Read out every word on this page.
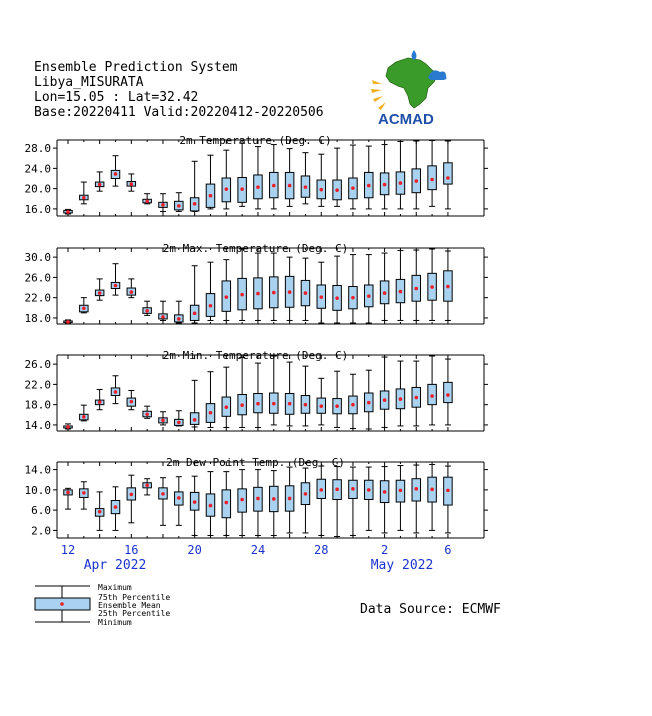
Ensemble Prediction System
Libya_MISURATA
Lon=15.05 : Lat=32.42
Base:20220411 Valid:20220412-20220506	ACMAD
16.0
20.0
24.0
28.0
2m Temperature (Deg. C)
18.0
22.0
26.0
30.0
2m Max. Temperature (Deg. C)
14.0
18.0
22.0
26.0
2m Min. Temperature (Deg. C)
2.0
6.0
10.0
14.0
2m Dew Point Temp. (Deg. C)
12	16	20	24	28	2	6
Apr 2022	May 2022
Maximum
75th Percentile
Ensemble Mean
25th Percentile
Minimum
Data Source: ECMWF
